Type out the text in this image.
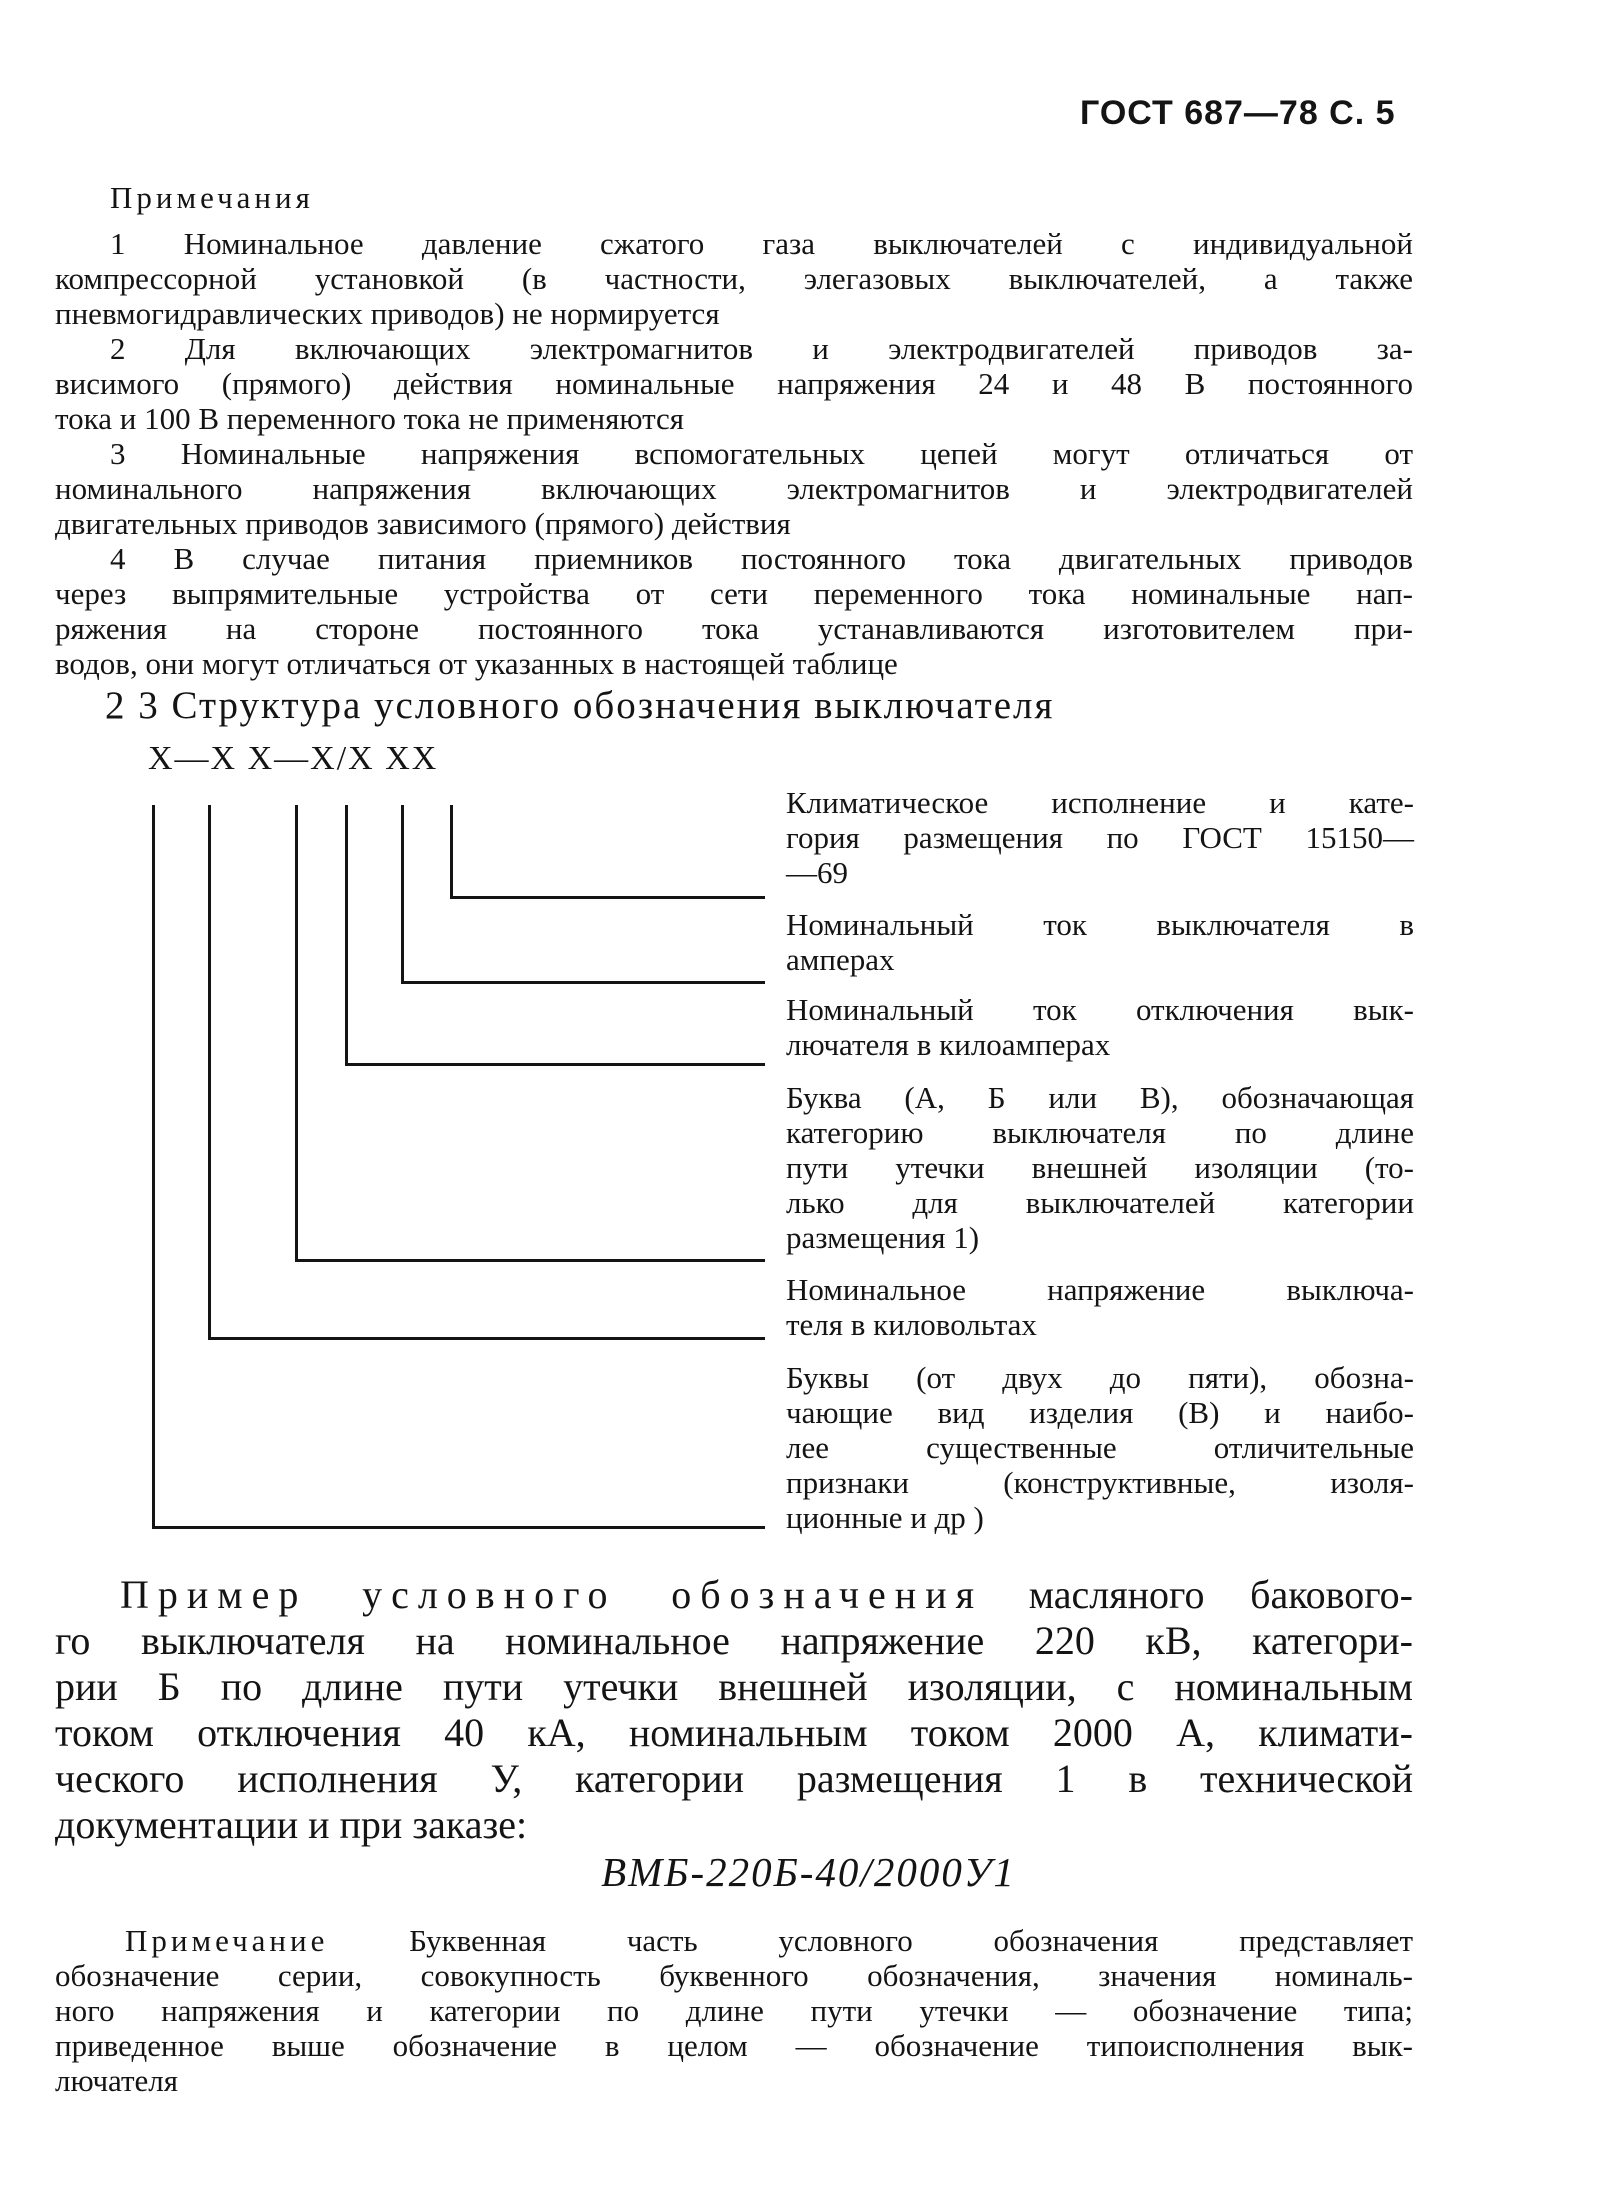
ГОСТ 687—78 С. 5
Примечания
1 Номинальное давление сжатого газа выключателей с индивидуальной
компрессорной установкой (в частности, элегазовых выключателей, а также
пневмогидравлических приводов) не нормируется
2 Для включающих электромагнитов и электродвигателей приводов за-
висимого (прямого) действия номинальные напряжения 24 и 48 В постоянного
тока и 100 В переменного тока не применяются
3 Номинальные напряжения вспомогательных цепей могут отличаться от
номинального напряжения включающих электромагнитов и электродвигателей
двигательных приводов зависимого (прямого) действия
4 В случае питания приемников постоянного тока двигательных приводов
через выпрямительные устройства от сети переменного тока номинальные нап-
ряжения на стороне постоянного тока устанавливаются изготовителем при-
водов, они могут отличаться от указанных в настоящей таблице
2 3 Структура условного обозначения выключателя
Х—Х Х—Х/Х ХХ
Климатическое исполнение и кате-
гория размещения по ГОСТ 15150—
—69
Номинальный ток выключателя в
амперах
Номинальный ток отключения вык-
лючателя в килоамперах
Буква (А, Б или В), обозначающая
категорию выключателя по длине
пути утечки внешней изоляции (то-
лько для выключателей категории
размещения 1)
Номинальное напряжение выключа-
теля в киловольтах
Буквы (от двух до пяти), обозна-
чающие вид изделия (В) и наибо-
лее существенные отличительные
признаки (конструктивные, изоля-
ционные и др )
Пример условного обозначения масляного бакового-
го выключателя на номинальное напряжение 220 кВ, категори-
рии Б по длине пути утечки внешней изоляции, с номинальным
током отключения 40 кА, номинальным током 2000 А, климати-
ческого исполнения У, категории размещения 1 в технической
документации и при заказе:
ВМБ-220Б-40/2000У1
Примечание	Буквенная часть условного обозначения представляет
обозначение серии, совокупность буквенного обозначения, значения номиналь-
ного напряжения и категории по длине пути утечки — обозначение типа;
приведенное выше обозначение в целом — обозначение типоисполнения вык-
лючателя
